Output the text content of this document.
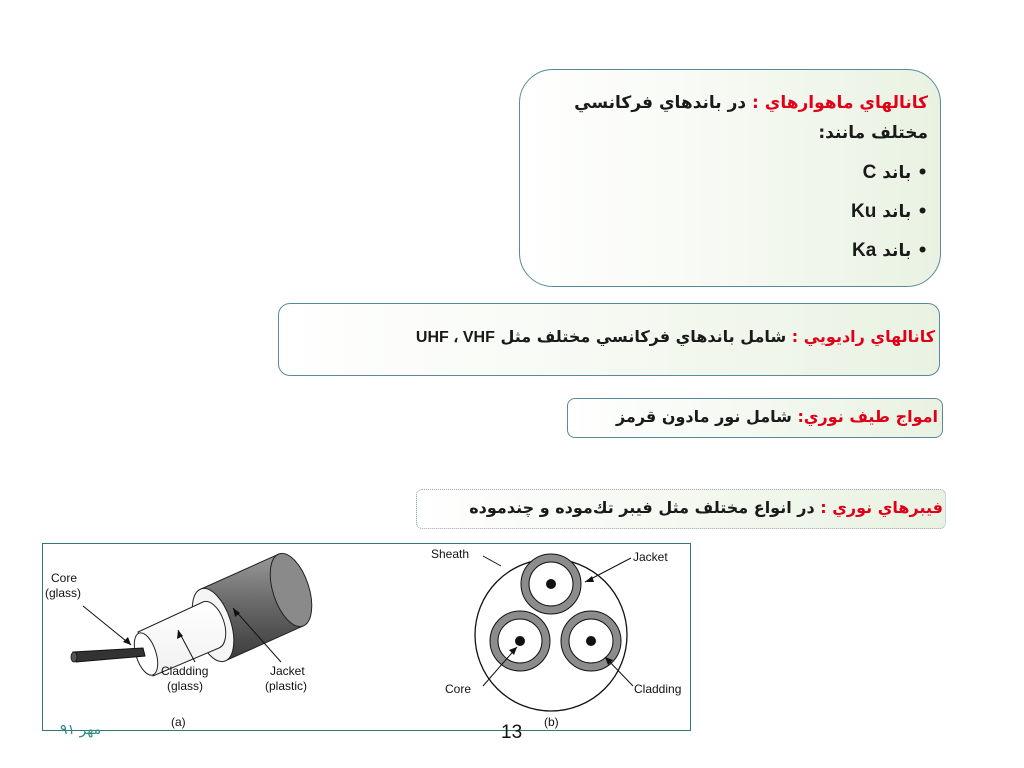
كانالهاي ماهوارهاي : در باندهاي فركانسي مختلف مانند:
• باند C
• باند Ku
• باند Ka
كانالهاي راديويي : شامل باندهاي فركانسي مختلف مثل UHF ، VHF
امواج طيف نوري: شامل نور مادون قرمز
فيبرهاي نوري : در انواع مختلف مثل فيبر تك‌موده و چندموده
Core
(glass)
Cladding
(glass)
Jacket
(plastic)
(a)
Sheath	Jacket
Core	Cladding
(b)
مهر ٩١	13
